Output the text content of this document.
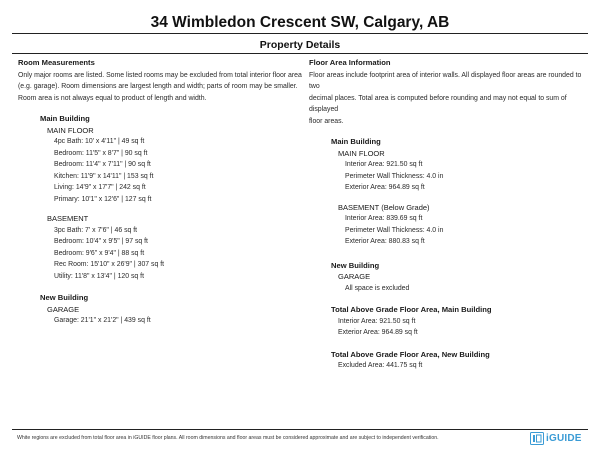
34 Wimbledon Crescent SW, Calgary, AB
Property Details
Room Measurements
Only major rooms are listed. Some listed rooms may be excluded from total interior floor area
(e.g. garage). Room dimensions are largest length and width; parts of room may be smaller.
Room area is not always equal to product of length and width.
Main Building
MAIN FLOOR
4pc Bath: 10' x 4'11" | 49 sq ft
Bedroom: 11'5" x 8'7" | 90 sq ft
Bedroom: 11'4" x 7'11" | 90 sq ft
Kitchen: 11'9" x 14'11" | 153 sq ft
Living: 14'9" x 17'7" | 242 sq ft
Primary: 10'1" x 12'6" | 127 sq ft
BASEMENT
3pc Bath: 7' x 7'6" | 46 sq ft
Bedroom: 10'4" x 9'5" | 97 sq ft
Bedroom: 9'6" x 9'4" | 88 sq ft
Rec Room: 15'10" x 26'9" | 307 sq ft
Utility: 11'8" x 13'4" | 120 sq ft
New Building
GARAGE
Garage: 21'1" x 21'2" | 439 sq ft
Floor Area Information
Floor areas include footprint area of interior walls. All displayed floor areas are rounded to two
decimal places. Total area is computed before rounding and may not equal to sum of displayed
floor areas.
Main Building
MAIN FLOOR
Interior Area: 921.50 sq ft
Perimeter Wall Thickness: 4.0 in
Exterior Area: 964.89 sq ft
BASEMENT (Below Grade)
Interior Area: 839.69 sq ft
Perimeter Wall Thickness: 4.0 in
Exterior Area: 880.83 sq ft
New Building
GARAGE
All space is excluded
Total Above Grade Floor Area, Main Building
Interior Area: 921.50 sq ft
Exterior Area: 964.89 sq ft
Total Above Grade Floor Area, New Building
Excluded Area: 441.75 sq ft
White regions are excluded from total floor area in iGUIDE floor plans. All room dimensions and floor areas must be considered approximate and are subject to independent verification.	iGUIDE
